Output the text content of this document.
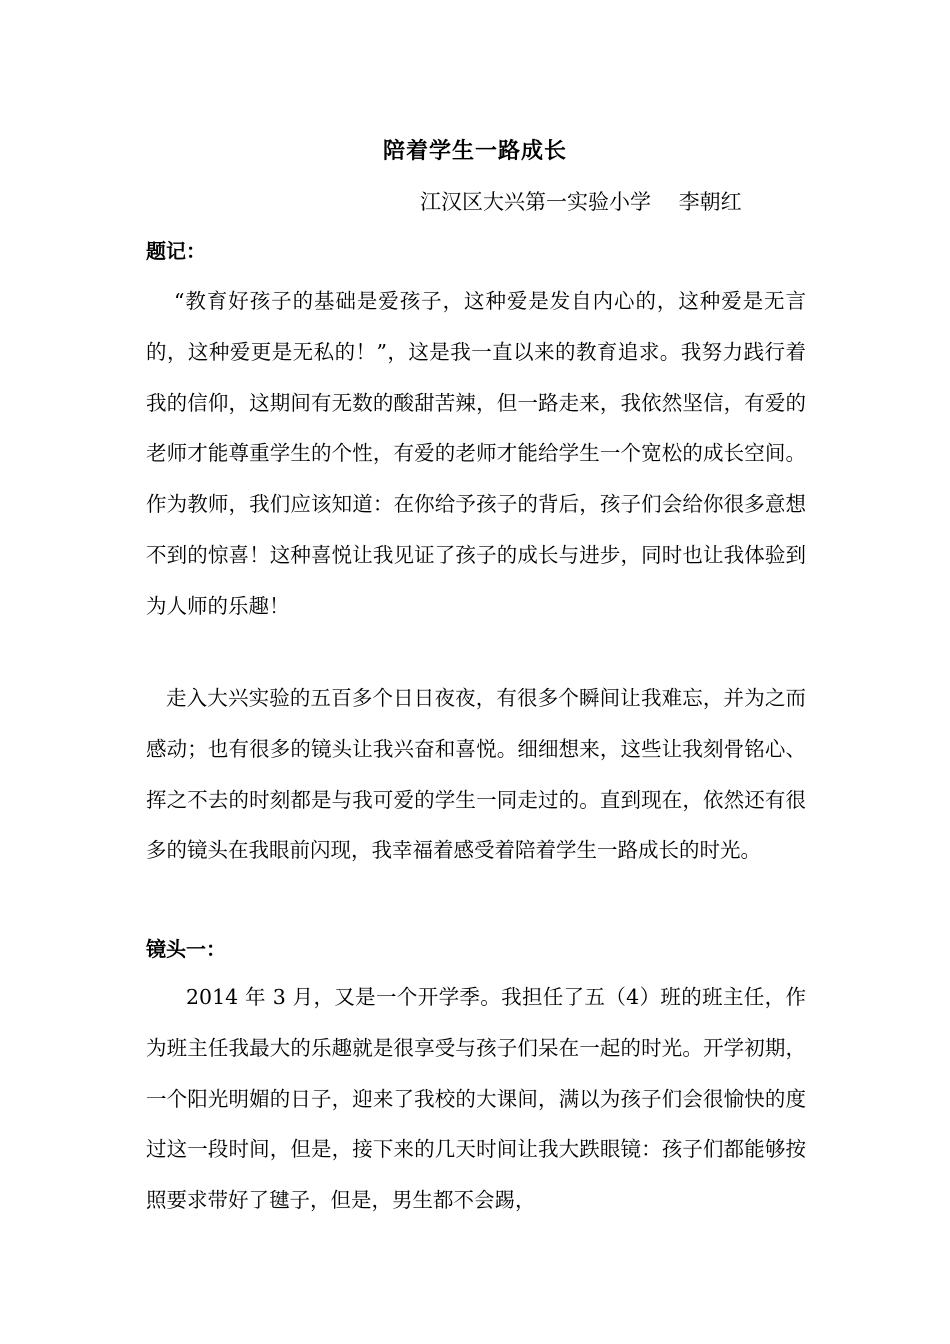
陪着学生一路成长
江汉区大兴第一实验小学　 李朝红
题记：
“教育好孩子的基础是爱孩子，这种爱是发自内心的，这种爱是无言的，这种爱更是无私的！”，这是我一直以来的教育追求。我努力践行着我的信仰，这期间有无数的酸甜苦辣，但一路走来，我依然坚信，有爱的老师才能尊重学生的个性，有爱的老师才能给学生一个宽松的成长空间。作为教师，我们应该知道：在你给予孩子的背后，孩子们会给你很多意想不到的惊喜！这种喜悦让我见证了孩子的成长与进步，同时也让我体验到为人师的乐趣！
走入大兴实验的五百多个日日夜夜，有很多个瞬间让我难忘，并为之而感动；也有很多的镜头让我兴奋和喜悦。细细想来，这些让我刻骨铭心、挥之不去的时刻都是与我可爱的学生一同走过的。直到现在，依然还有很多的镜头在我眼前闪现，我幸福着感受着陪着学生一路成长的时光。
镜头一：
2014 年 3 月，又是一个开学季。我担任了五（4）班的班主任，作为班主任我最大的乐趣就是很享受与孩子们呆在一起的时光。开学初期，一个阳光明媚的日子，迎来了我校的大课间，满以为孩子们会很愉快的度过这一段时间，但是，接下来的几天时间让我大跌眼镜：孩子们都能够按照要求带好了毽子，但是，男生都不会踢，
